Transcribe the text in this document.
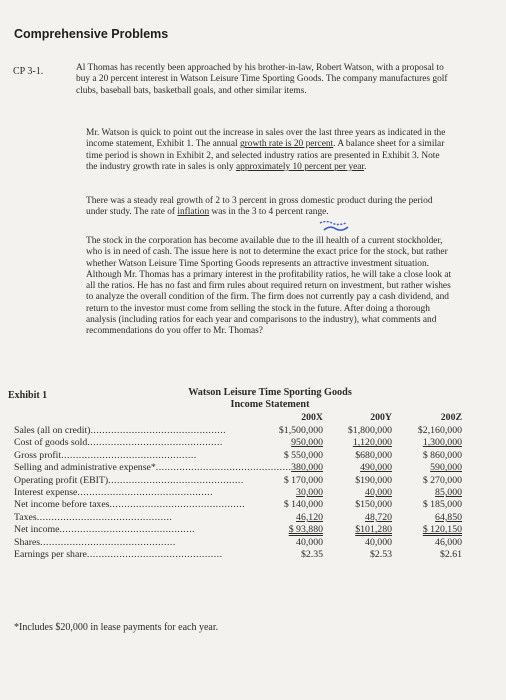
Comprehensive Problems
CP 3-1.	Al Thomas has recently been approached by his brother-in-law, Robert Watson, with a proposal to buy a 20 percent interest in Watson Leisure Time Sporting Goods. The company manufactures golf clubs, baseball bats, basketball goals, and other similar items.

Mr. Watson is quick to point out the increase in sales over the last three years as indicated in the income statement, Exhibit 1. The annual growth rate is 20 percent. A balance sheet for a similar time period is shown in Exhibit 2, and selected industry ratios are presented in Exhibit 3. Note the industry growth rate in sales is only approximately 10 percent per year.

There was a steady real growth of 2 to 3 percent in gross domestic product during the period under study. The rate of inflation was in the 3 to 4 percent range.

The stock in the corporation has become available due to the ill health of a current stockholder, who is in need of cash. The issue here is not to determine the exact price for the stock, but rather whether Watson Leisure Time Sporting Goods represents an attractive investment situation. Although Mr. Thomas has a primary interest in the profitability ratios, he will take a close look at all the ratios. He has no fast and firm rules about required return on investment, but rather wishes to analyze the overall condition of the firm. The firm does not currently pay a cash dividend, and return to the investor must come from selling the stock in the future. After doing a thorough analysis (including ratios for each year and comparisons to the industry), what comments and recommendations do you offer to Mr. Thomas?

Exhibit 1	Watson Leisure Time Sporting Goods
Income Statement
200X	200Y	200Z
Sales (all on credit)..............................................	$1,500,000	$1,800,000	$2,160,000
Cost of goods sold..............................................	950,000	1,120,000	1,300,000
Gross profit..............................................	$ 550,000	$680,000	$ 860,000
Selling and administrative expense*.............................................. 380,000	490,000	590,000
Operating profit (EBIT)..............................................	$ 170,000	$190,000	$ 270,000
Interest expense..............................................	30,000	40,000	85,000
Net income before taxes..............................................	$ 140,000	$150,000	$ 185,000
Taxes..............................................	46,120	48,720	64,850
Net income..............................................	$ 93,880	$101,280	$ 120,150
Shares..............................................	40,000	40,000	46,000
Earnings per share..............................................	$2.35	$2.53	$2.61
*Includes $20,000 in lease payments for each year.
